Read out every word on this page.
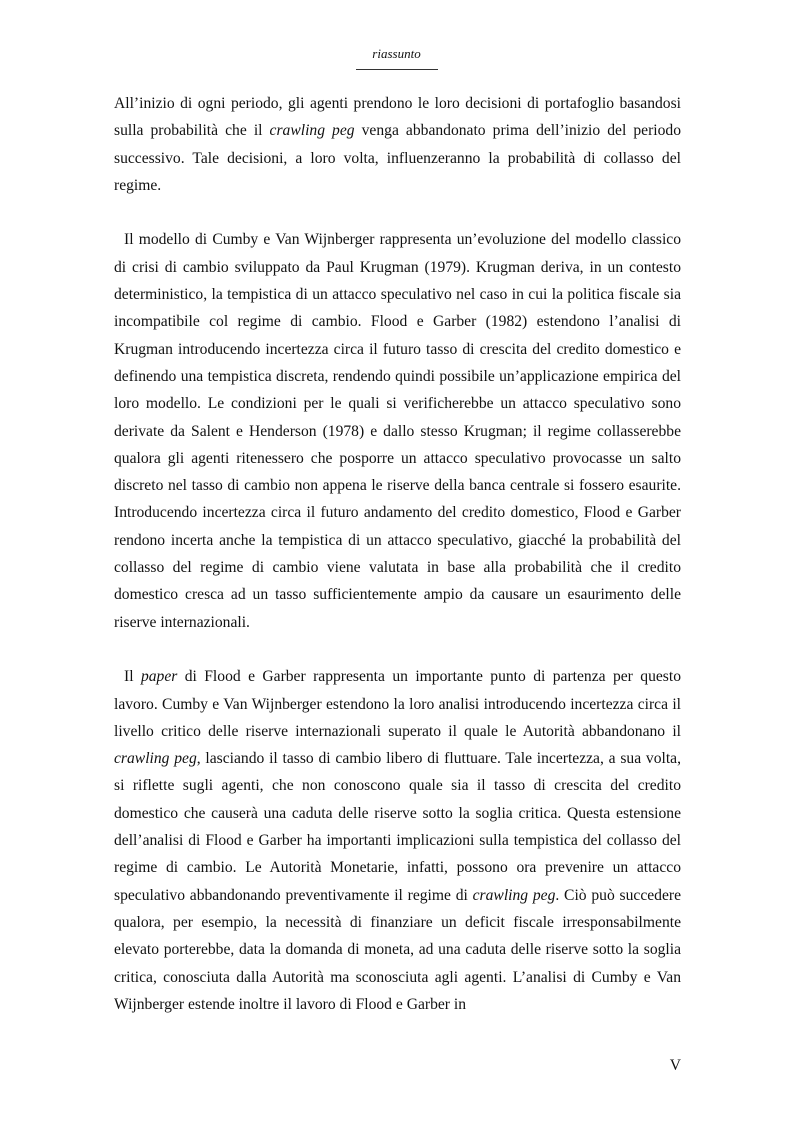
riassunto

All’inizio di ogni periodo, gli agenti prendono le loro decisioni di portafoglio basandosi sulla probabilità che il crawling peg venga abbandonato prima dell’inizio del periodo successivo. Tale decisioni, a loro volta, influenzeranno la probabilità di collasso del regime.

Il modello di Cumby e Van Wijnberger rappresenta un’evoluzione del modello classico di crisi di cambio sviluppato da Paul Krugman (1979). Krugman deriva, in un contesto deterministico, la tempistica di un attacco speculativo nel caso in cui la politica fiscale sia incompatibile col regime di cambio. Flood e Garber (1982) estendono l’analisi di Krugman introducendo incertezza circa il futuro tasso di crescita del credito domestico e definendo una tempistica discreta, rendendo quindi possibile un’applicazione empirica del loro modello. Le condizioni per le quali si verificherebbe un attacco speculativo sono derivate da Salent e Henderson (1978) e dallo stesso Krugman; il regime collasserebbe qualora gli agenti ritenessero che posporre un attacco speculativo provocasse un salto discreto nel tasso di cambio non appena le riserve della banca centrale si fossero esaurite. Introducendo incertezza circa il futuro andamento del credito domestico, Flood e Garber rendono incerta anche la tempistica di un attacco speculativo, giacché la probabilità del collasso del regime di cambio viene valutata in base alla probabilità che il credito domestico cresca ad un tasso sufficientemente ampio da causare un esaurimento delle riserve internazionali.

Il paper di Flood e Garber rappresenta un importante punto di partenza per questo lavoro. Cumby e Van Wijnberger estendono la loro analisi introducendo incertezza circa il livello critico delle riserve internazionali superato il quale le Autorità abbandonano il crawling peg, lasciando il tasso di cambio libero di fluttuare. Tale incertezza, a sua volta, si riflette sugli agenti, che non conoscono quale sia il tasso di crescita del credito domestico che causerà una caduta delle riserve sotto la soglia critica. Questa estensione dell’analisi di Flood e Garber ha importanti implicazioni sulla tempistica del collasso del regime di cambio. Le Autorità Monetarie, infatti, possono ora prevenire un attacco speculativo abbandonando preventivamente il regime di crawling peg. Ciò può succedere qualora, per esempio, la necessità di finanziare un deficit fiscale irresponsabilmente elevato porterebbe, data la domanda di moneta, ad una caduta delle riserve sotto la soglia critica, conosciuta dalla Autorità ma sconosciuta agli agenti. L’analisi di Cumby e Van Wijnberger estende inoltre il lavoro di Flood e Garber in

V
